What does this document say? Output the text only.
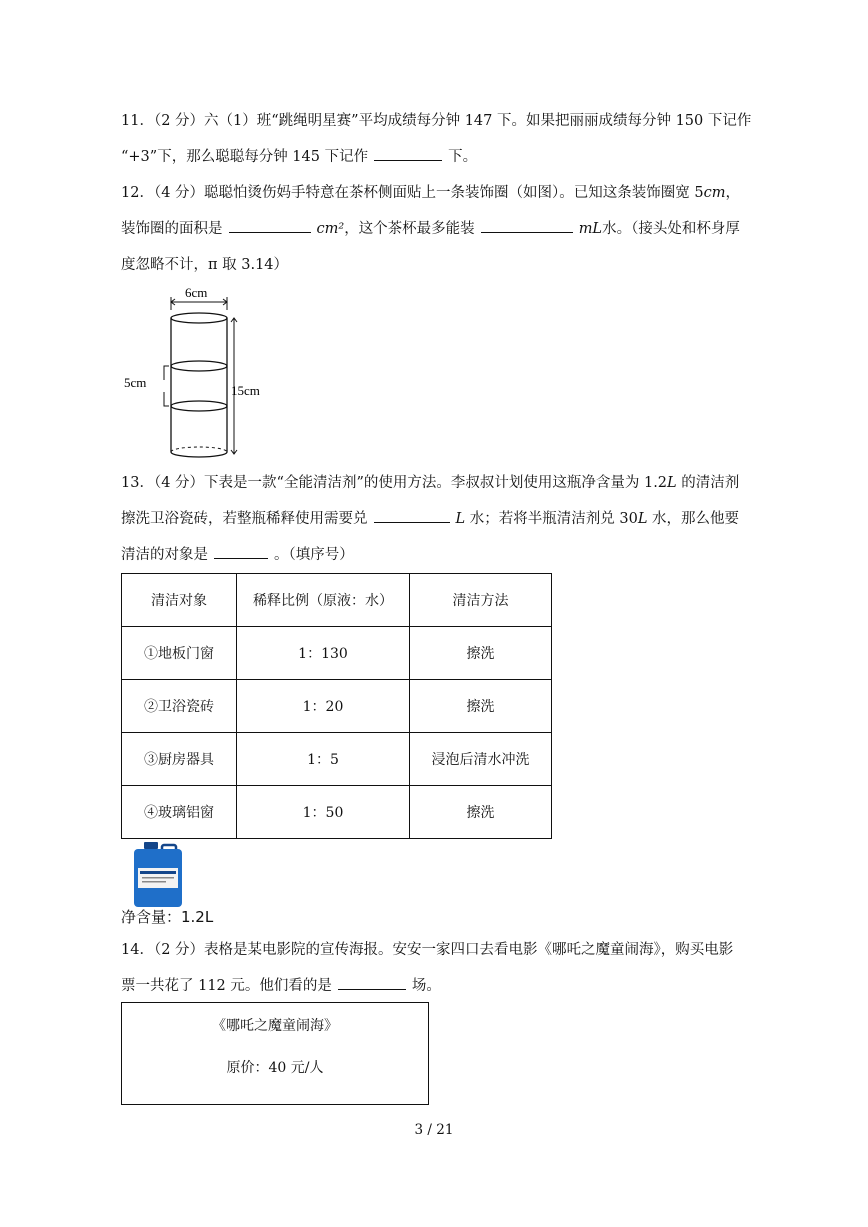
11．（2 分）六（1）班“跳绳明星赛”平均成绩每分钟 147 下。如果把丽丽成绩每分钟 150 下记作
“+3”下，那么聪聪每分钟 145 下记作	下。
12．（4 分）聪聪怕烫伤妈手特意在茶杯侧面贴上一条装饰圈（如图）。已知这条装饰圈宽 5cm，
装饰圈的面积是	cm²，这个茶杯最多能装	mL水。（接头处和杯身厚
度忽略不计，π 取 3.14）
6cm
5cm
15cm
13．（4 分）下表是一款“全能清洁剂”的使用方法。李叔叔计划使用这瓶净含量为 1.2L 的清洁剂
擦洗卫浴瓷砖，若整瓶稀释使用需要兑	L 水；若将半瓶清洁剂兑 30L 水，那么他要
清洁的对象是	。（填序号）
清洁对象	稀释比例（原液：水）	清洁方法
①地板门窗	1：130	擦洗
②卫浴瓷砖	1：20	擦洗
③厨房器具	1：5	浸泡后清水冲洗
④玻璃铝窗	1：50	擦洗
净含量：1.2L
14．（2 分）表格是某电影院的宣传海报。安安一家四口去看电影《哪吒之魔童闹海》，购买电影
票一共花了 112 元。他们看的是	场。
《哪吒之魔童闹海》
原价：40 元/人
3 / 21
